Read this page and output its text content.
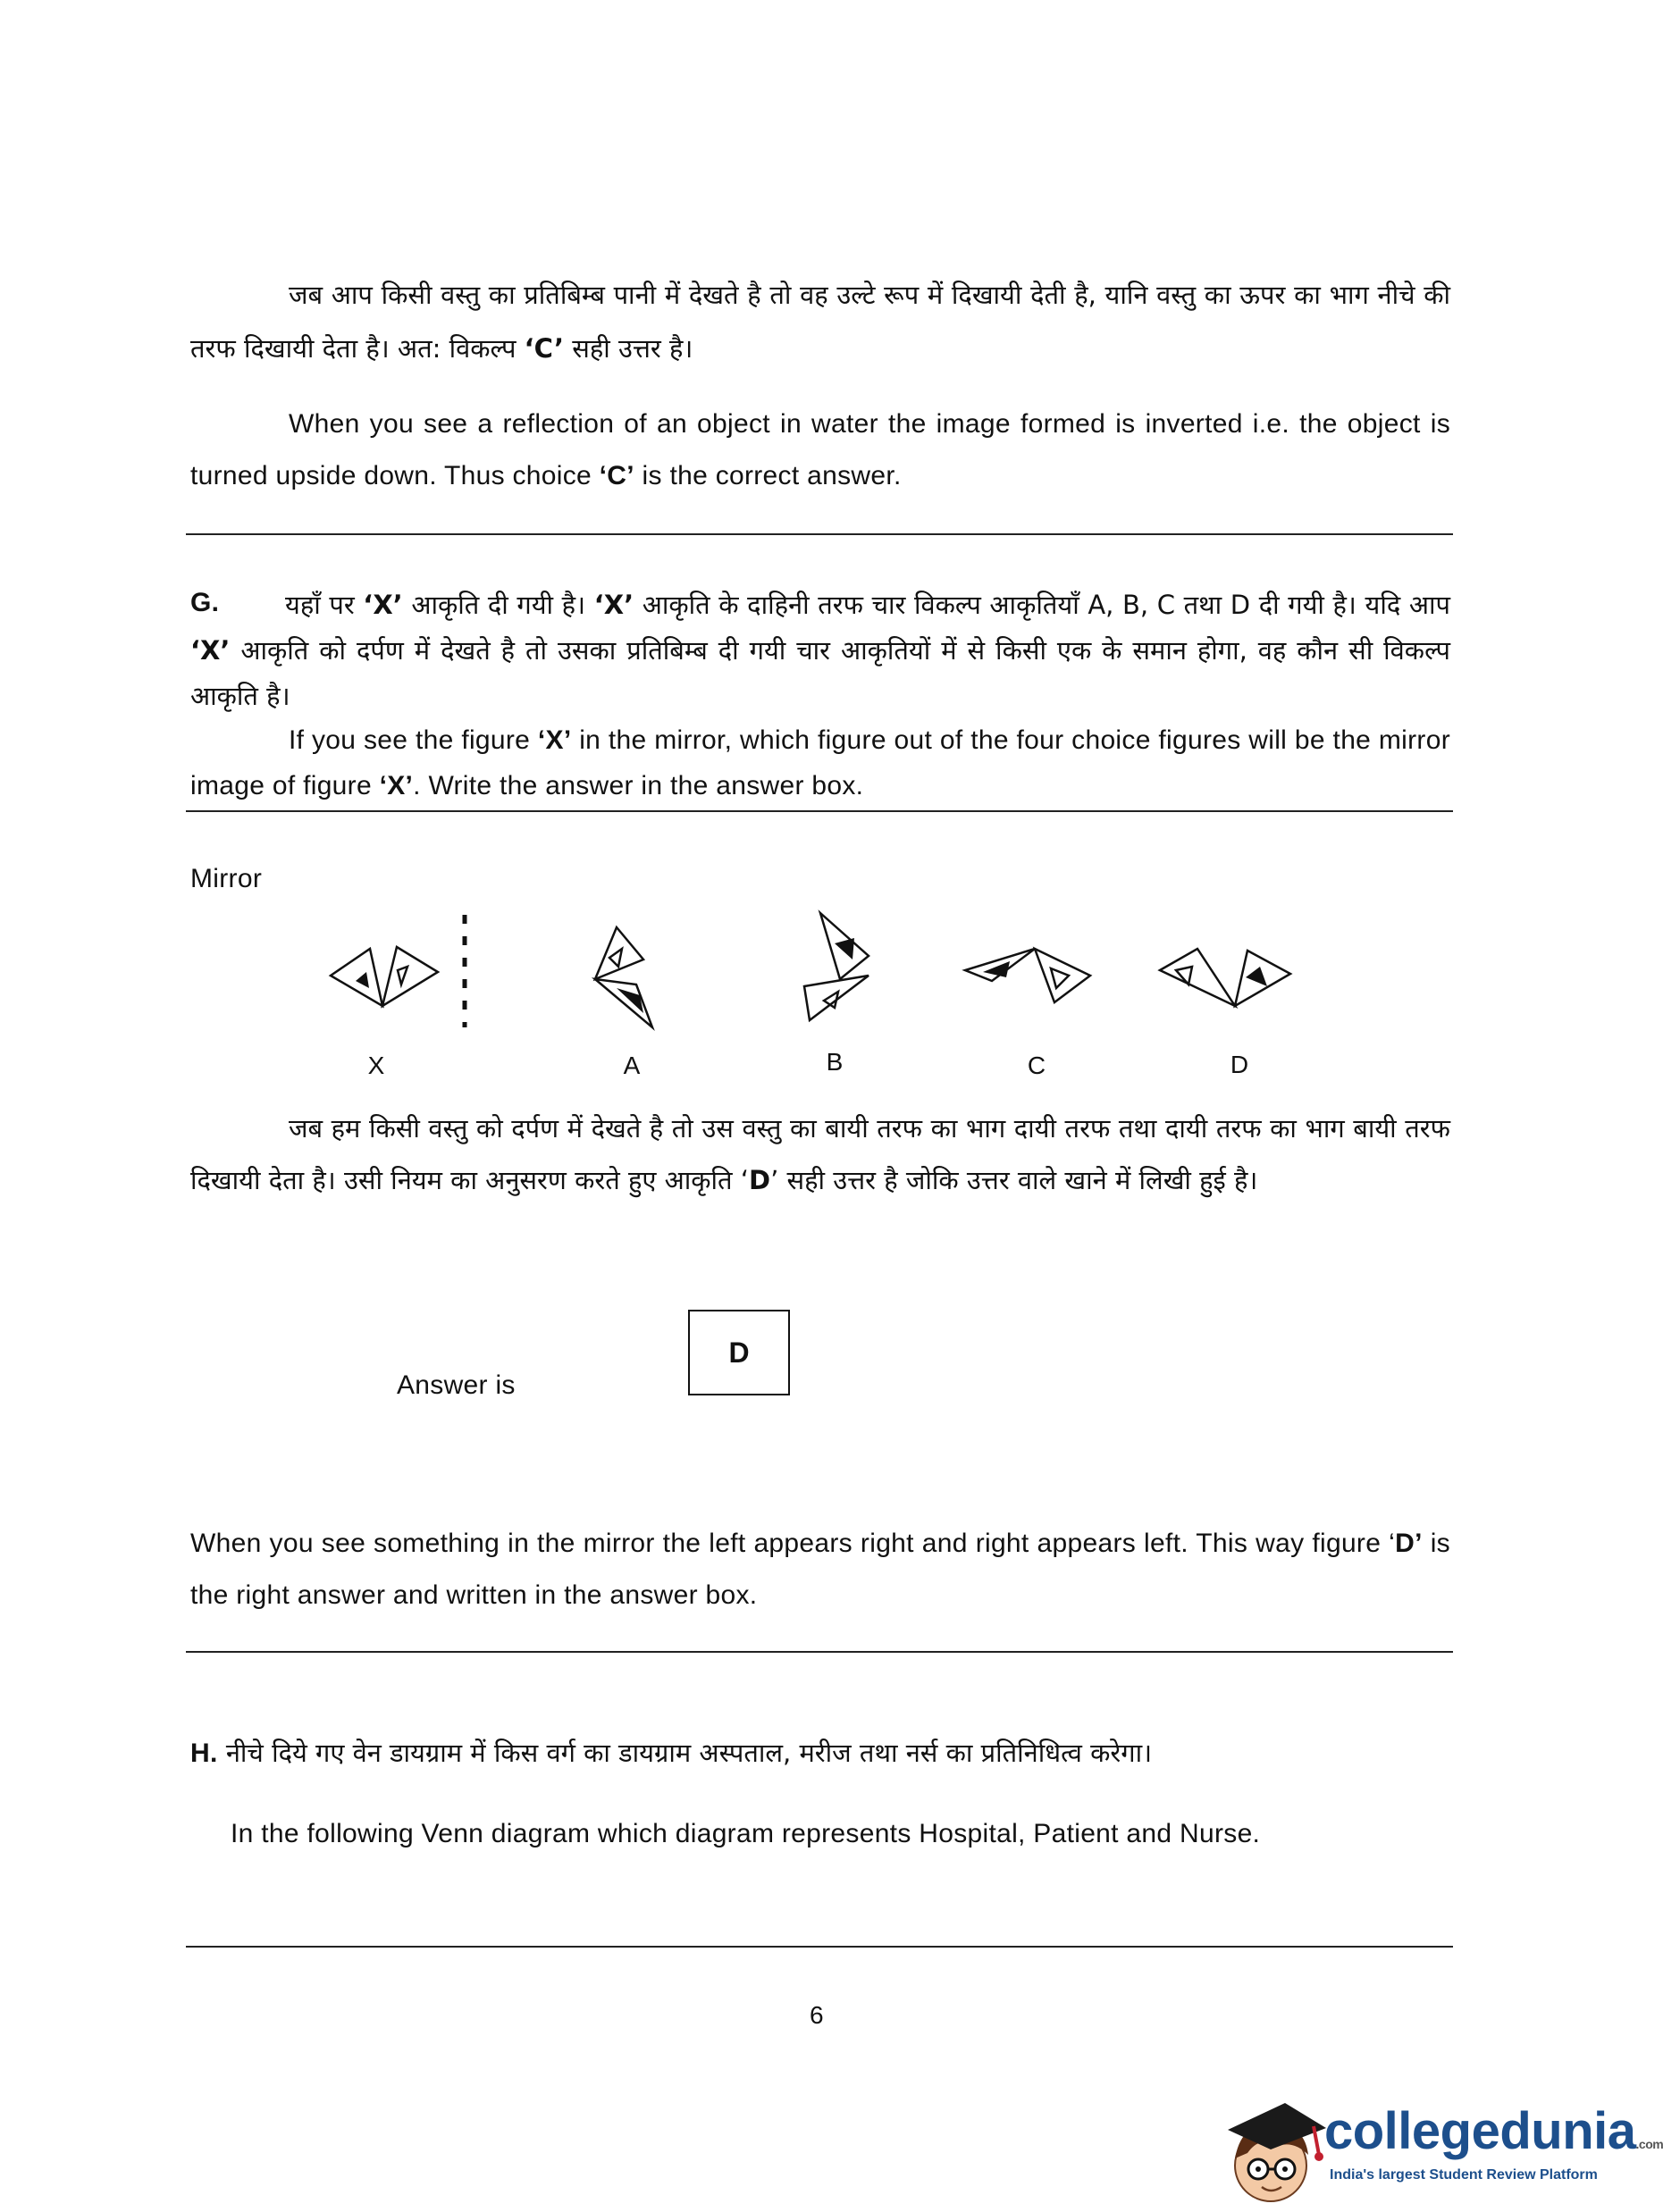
जब आप किसी वस्तु का प्रतिबिम्ब पानी में देखते है तो वह उल्टे रूप में दिखायी देती है, यानि वस्तु का ऊपर का भाग नीचे की तरफ दिखायी देता है। अत: विकल्प ‘C’ सही उत्तर है।
When you see a reflection of an object in water the image formed is inverted i.e. the object is turned upside down. Thus choice ‘C’ is the correct answer.
G.	यहाँ पर ‘X’ आकृति दी गयी है। ‘X’ आकृति के दाहिनी तरफ चार विकल्प आकृतियाँ A, B, C तथा D दी गयी है। यदि आप ‘X’ आकृति को दर्पण में देखते है तो उसका प्रतिबिम्ब दी गयी चार आकृतियों में से किसी एक के समान होगा, वह कौन सी विकल्प आकृति है।
If you see the figure ‘X’ in the mirror, which figure out of the four choice figures will be the mirror image of figure ‘X’. Write the answer in the answer box.
Mirror
X	A	B	C	D
जब हम किसी वस्तु को दर्पण में देखते है तो उस वस्तु का बायी तरफ का भाग दायी तरफ तथा दायी तरफ का भाग बायी तरफ दिखायी देता है। उसी नियम का अनुसरण करते हुए आकृति ‘D’ सही उत्तर है जोकि उत्तर वाले खाने में लिखी हुई है।
Answer is
D
When you see something in the mirror the left appears right and right appears left. This way figure ‘D’ is the right answer and written in the answer box.
H. नीचे दिये गए वेन डायग्राम में किस वर्ग का डायग्राम अस्पताल, मरीज तथा नर्स का प्रतिनिधित्व करेगा।
In the following Venn diagram which diagram represents Hospital, Patient and Nurse.
6
collegedunia.com
India's largest Student Review Platform
